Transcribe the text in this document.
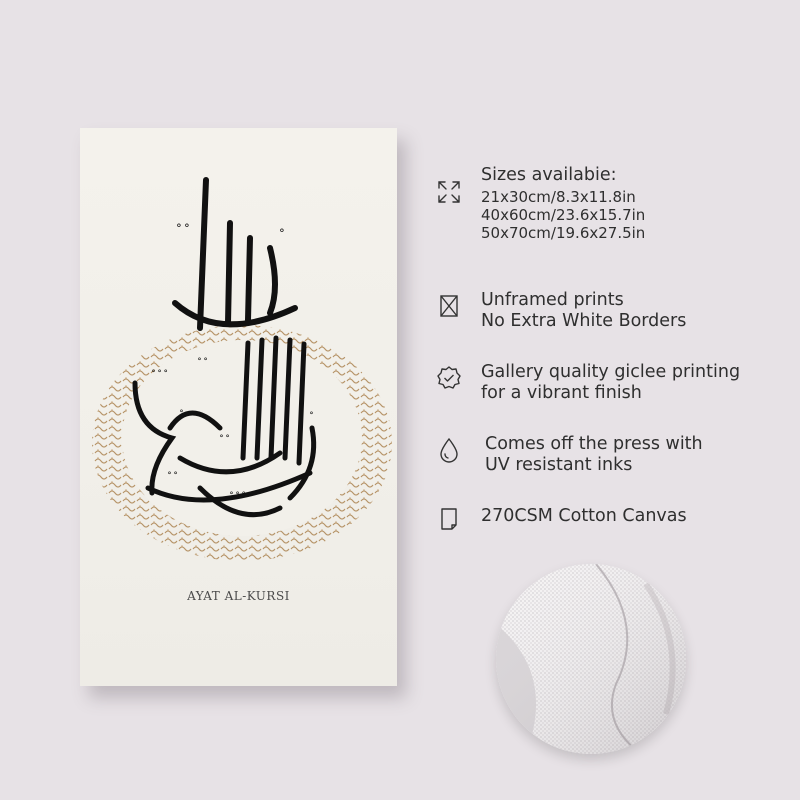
ﹾ ﹾ	ﹾ
ﹾ ﹾ ﹾ
ﹾ ﹾ
ﹾ
ﹾ ﹾ
ﹾ ﹾ
ﹾ
ﹾ ﹾ ﹾ
AYAT AL-KURSI
Sizes availabie:
21x30cm/8.3x11.8in
40x60cm/23.6x15.7in
50x70cm/19.6x27.5in
Unframed prints
No Extra White Borders
Gallery quality giclee printing
for a vibrant finish
Comes off the press with
UV resistant inks
270CSM Cotton Canvas
